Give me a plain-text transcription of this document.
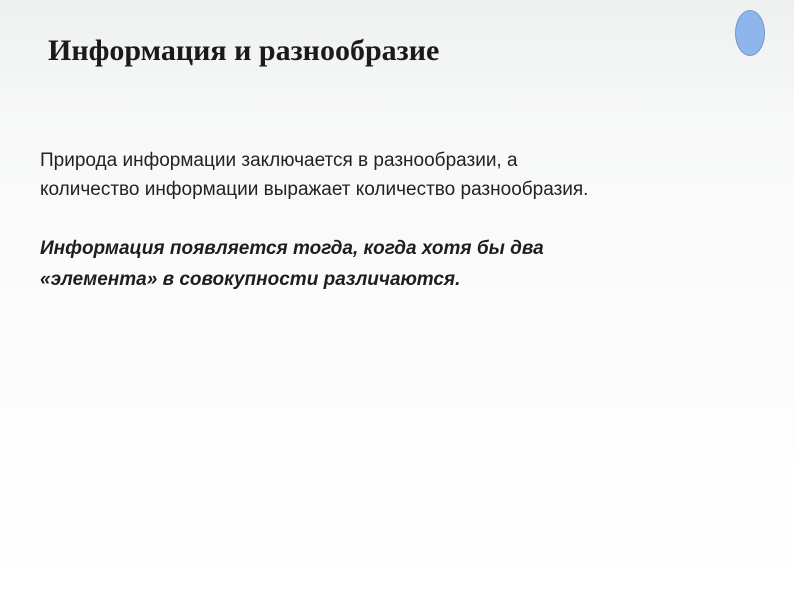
Информация и разнообразие

Природа информации заключается в разнообразии, а
количество информации выражает количество разнообразия.

Информация появляется тогда, когда хотя бы два
«элемента» в совокупности различаются.
